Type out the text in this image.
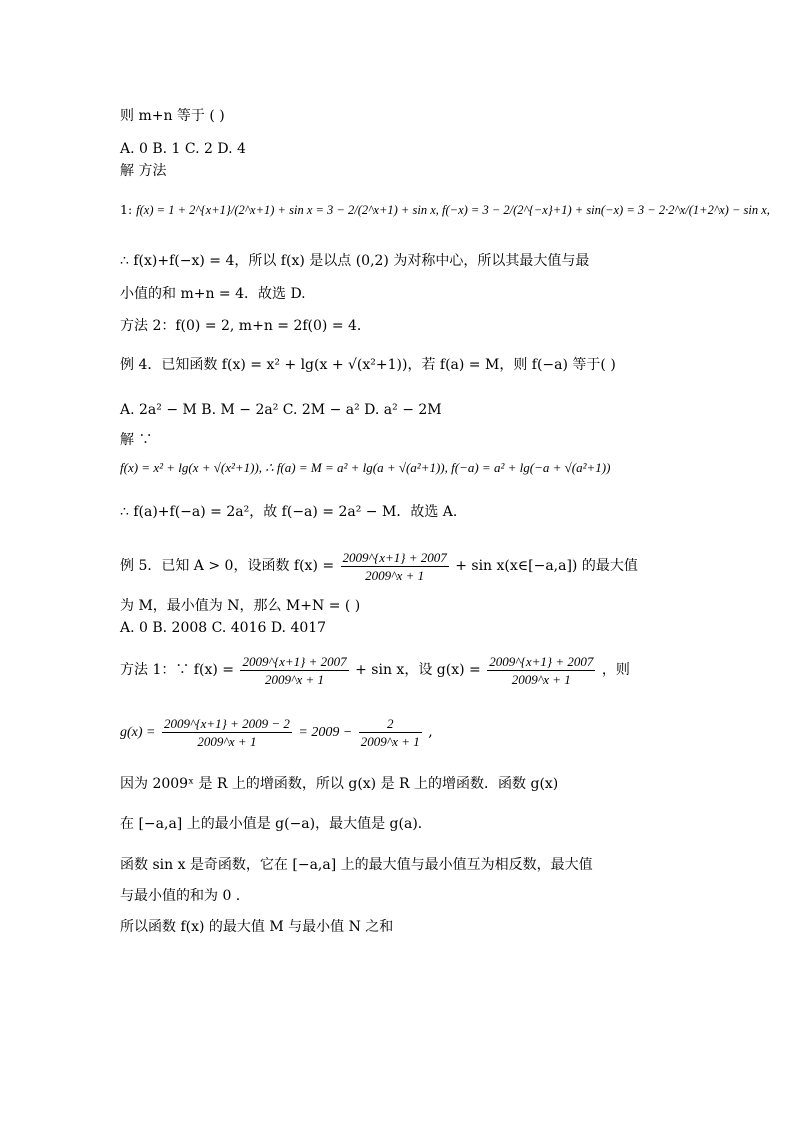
则 m+n 等于 ( )
A. 0 B. 1 C. 2 D. 4
解 方法
1: f(x) = 1 + 2^{x+1}/(2^x+1) + sin x = 3 − 2/(2^x+1) + sin x, f(−x) = 3 − 2/(2^{−x}+1) + sin(−x) = 3 − 2·2^x/(1+2^x) − sin x,
∴ f(x)+f(−x) = 4，所以 f(x) 是以点 (0,2) 为对称中心，所以其最大值与最
小值的和 m+n = 4．故选 D.
方法 2：f(0) = 2, m+n = 2f(0) = 4．
例 4．已知函数 f(x) = x² + lg(x + √(x²+1))，若 f(a) = M，则 f(−a) 等于( )
A. 2a² − M B. M − 2a² C. 2M − a² D. a² − 2M
解 ∵
f(x) = x² + lg(x + √(x²+1)), ∴ f(a) = M = a² + lg(a + √(a²+1)), f(−a) = a² + lg(−a + √(a²+1))
∴ f(a)+f(−a) = 2a²，故 f(−a) = 2a² − M．故选 A.
例 5．已知 A > 0，设函数 $f(x) = \frac{2009\^{}\{x+1\} + 2007}{2009\^{}x + 1} + \sin$ x(x∈[−a,a]) 的最大值
为 M，最小值为 N，那么 M+N = ( )
A. 0 B. 2008 C. 4016 D. 4017
方法 1：∵ $f(x) = \frac{2009\^{}\{x+1\} + 2007}{2009\^{}x + 1} + \sin x$，设 $g(x) = \frac{2009\^{}\{x+1\} + 2007}{2009\^{}x + 1}$ ，则
$g(x) = \frac{2009\^{}\{x+1\} + 2009 - 2}{2009\^{}x + 1} = 2009 - \frac{2}{2009\^{}x + 1}$ ,
因为 2009ˣ 是 R 上的增函数，所以 g(x) 是 R 上的增函数．函数 g(x)
在 [−a,a] 上的最小值是 g(−a)，最大值是 g(a)．
函数 sin x 是奇函数，它在 [−a,a] 上的最大值与最小值互为相反数，最大值
与最小值的和为 0 .
所以函数 f(x) 的最大值 M 与最小值 N 之和
